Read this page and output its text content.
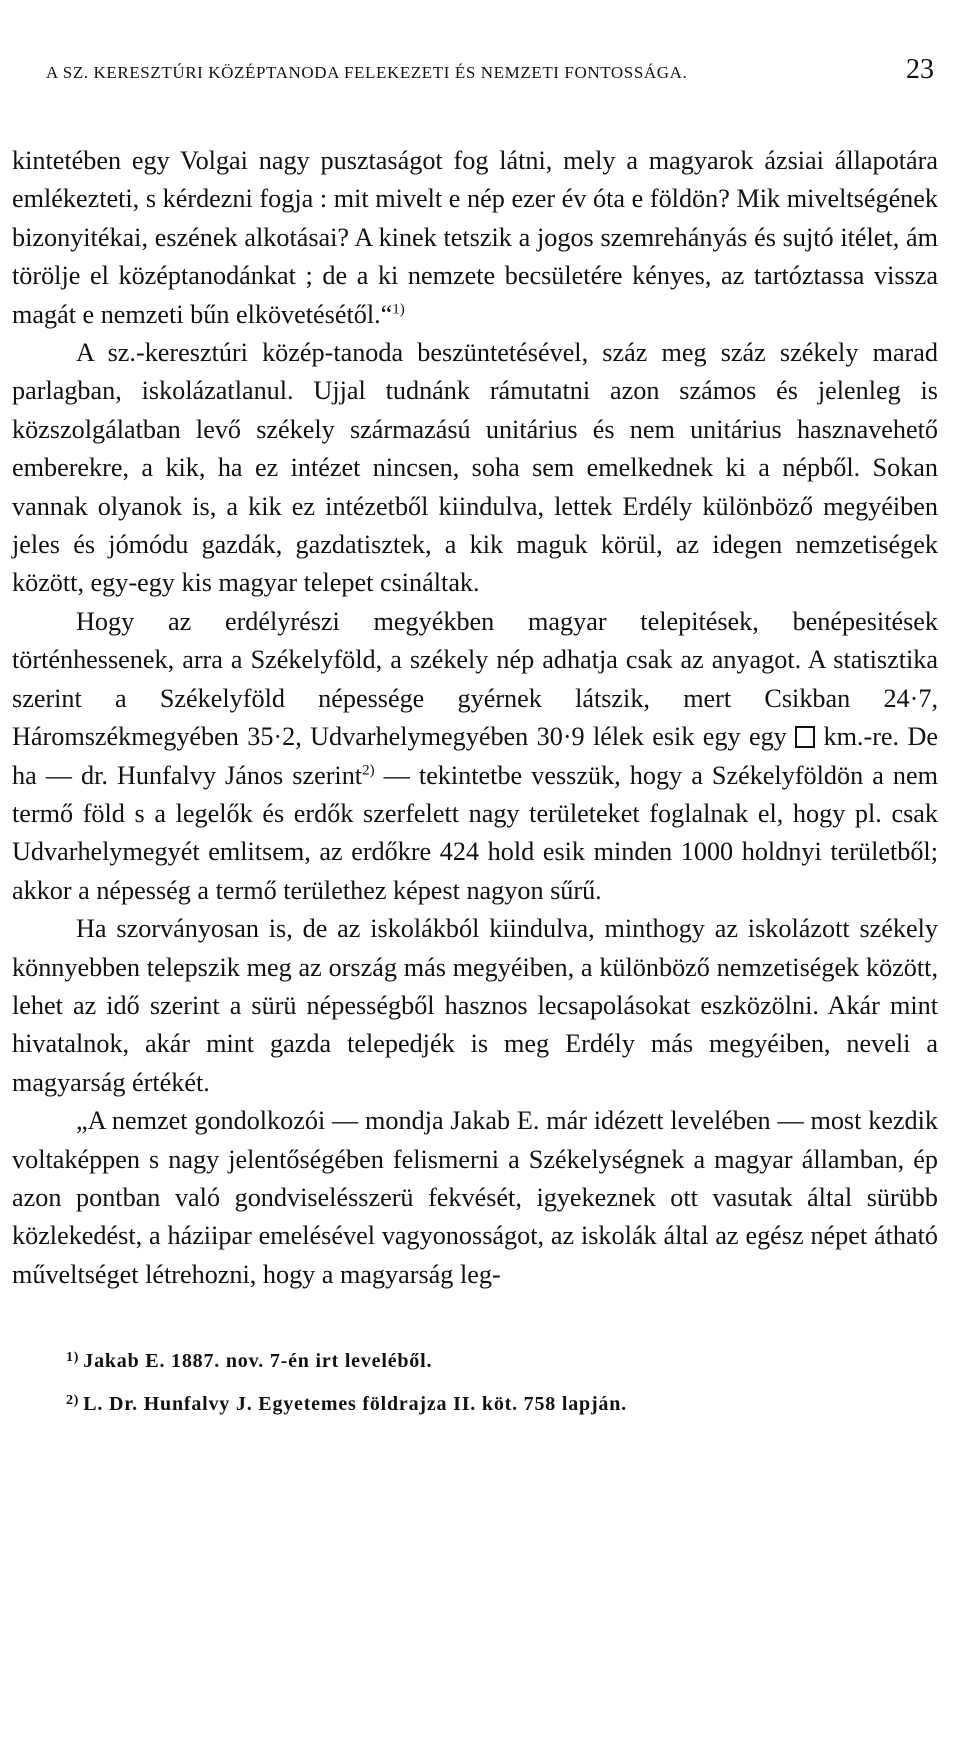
A SZ. KERESZTÚRI KÖZÉPTANODA FELEKEZETI ÉS NEMZETI FONTOSSÁGA.	23

kintetében egy Volgai nagy pusztaságot fog látni, mely a magyarok ázsiai állapotára emlékezteti, s kérdezni fogja : mit mivelt e nép ezer év óta e földön? Mik miveltségének bizonyitékai, eszének alkotásai? A kinek tetszik a jogos szemrehányás és sujtó itélet, ám törölje el középtanodánkat ; de a ki nemzete becsületére kényes, az tartóztassa vissza magát e nemzeti bűn elkövetésétől.“$^{1)}$

A sz.-keresztúri közép-tanoda beszüntetésével, száz meg száz székely marad parlagban, iskolázatlanul. Ujjal tudnánk rámutatni azon számos és jelenleg is közszolgálatban levő székely származású unitárius és nem unitárius hasznavehető emberekre, a kik, ha ez intézet nincsen, soha sem emelkednek ki a népből. Sokan vannak olyanok is, a kik ez intézetből kiindulva, lettek Erdély különböző megyéiben jeles és jómódu gazdák, gazdatisztek, a kik maguk körül, az idegen nemzetiségek között, egy-egy kis magyar telepet csináltak.

Hogy az erdélyrészi megyékben magyar telepitések, benépesitések történhessenek, arra a Székelyföld, a székely nép adhatja csak az anyagot. A statisztika szerint a Székelyföld népessége gyérnek látszik, mert Csikban 24·7, Háromszékmegyében 35·2, Udvarhelymegyében 30·9 lélek esik egy egy km.-re. De ha — dr. Hunfalvy János szerint$^{2)}$ — tekintetbe vesszük, hogy a Székelyföldön a nem termő föld s a legelők és erdők szerfelett nagy területeket foglalnak el, hogy pl. csak Udvarhelymegyét emlitsem, az erdőkre 424 hold esik minden 1000 holdnyi területből; akkor a népesség a termő területhez képest nagyon sűrű.

Ha szorványosan is, de az iskolákból kiindulva, minthogy az iskolázott székely könnyebben telepszik meg az ország más megyéiben, a különböző nemzetiségek között, lehet az idő szerint a sürü népességből hasznos lecsapolásokat eszközölni. Akár mint hivatalnok, akár mint gazda telepedjék is meg Erdély más megyéiben, neveli a magyarság értékét.

„A nemzet gondolkozói — mondja Jakab E. már idézett levelében — most kezdik voltaképpen s nagy jelentőségében felismerni a Székelységnek a magyar államban, ép azon pontban való gondviselésszerü fekvését, igyekeznek ott vasutak által sürübb közlekedést, a háziipar emelésével vagyonosságot, az iskolák által az egész népet átható műveltséget létrehozni, hogy a magyarság leg-

$^{1)}$ Jakab E. 1887. nov. 7-én irt leveléből.
$^{2)}$ L. Dr. Hunfalvy J. Egyetemes földrajza II. köt. 758 lapján.
